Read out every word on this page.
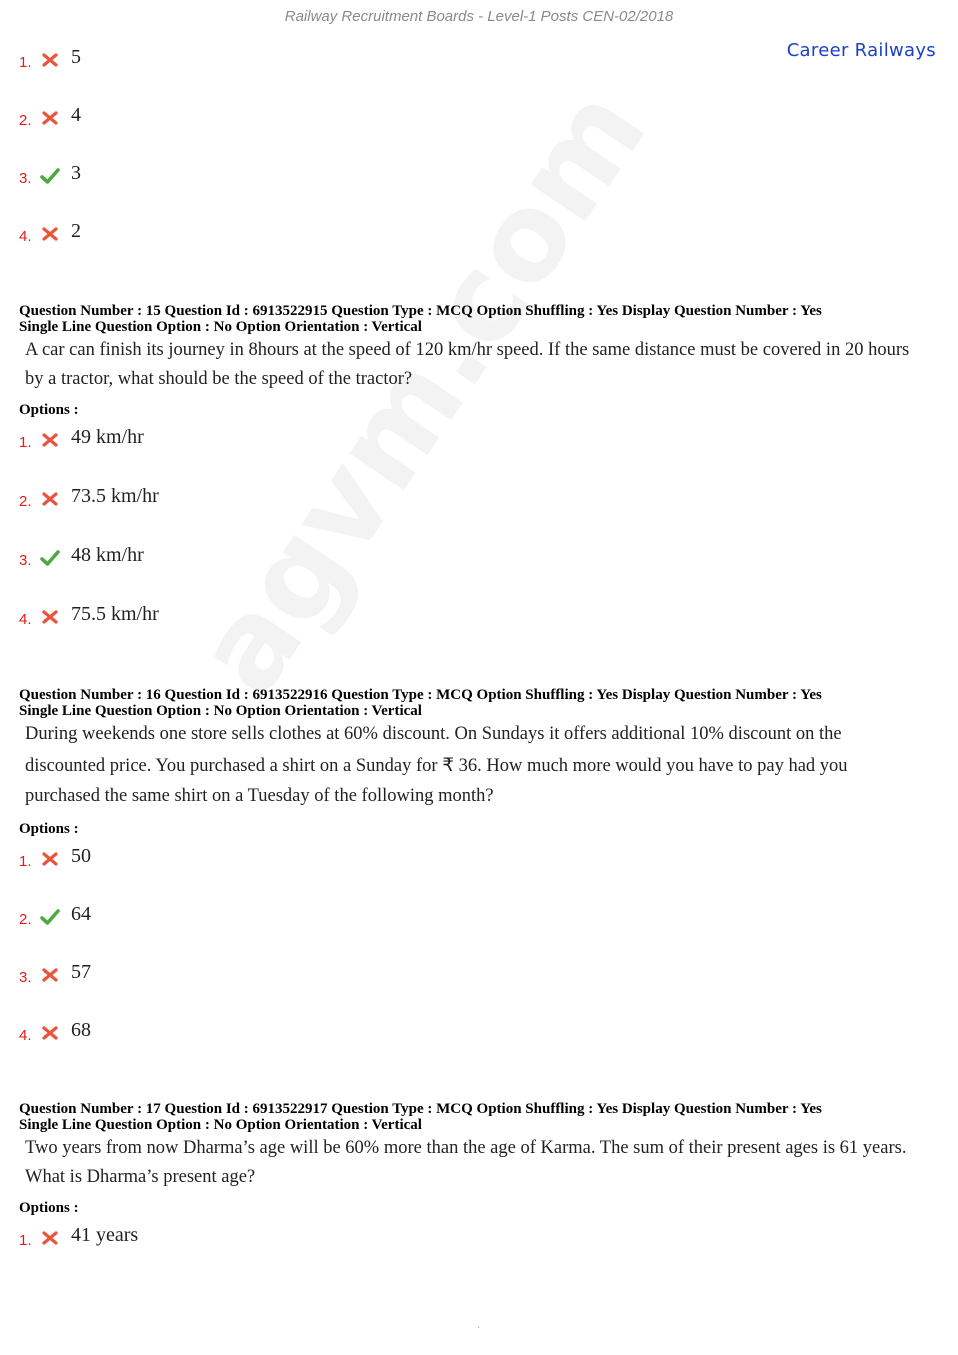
Railway Recruitment Boards - Level-1 Posts CEN-02/2018
Career Railways
1. 5
2. 4
3. 3
4. 2
Question Number : 15 Question Id : 6913522915 Question Type : MCQ Option Shuffling : Yes Display Question Number : Yes
Single Line Question Option : No Option Orientation : Vertical
A car can finish its journey in 8hours at the speed of 120 km/hr speed. If the same distance must be covered in 20 hours
by a tractor, what should be the speed of the tractor?
Options :
1. 49 km/hr
2. 73.5 km/hr
3. 48 km/hr
4. 75.5 km/hr
Question Number : 16 Question Id : 6913522916 Question Type : MCQ Option Shuffling : Yes Display Question Number : Yes
Single Line Question Option : No Option Orientation : Vertical
During weekends one store sells clothes at 60% discount. On Sundays it offers additional 10% discount on the
discounted price. You purchased a shirt on a Sunday for ₹ 36. How much more would you have to pay had you
purchased the same shirt on a Tuesday of the following month?
Options :
1. 50
2. 64
3. 57
4. 68
Question Number : 17 Question Id : 6913522917 Question Type : MCQ Option Shuffling : Yes Display Question Number : Yes
Single Line Question Option : No Option Orientation : Vertical
Two years from now Dharma’s age will be 60% more than the age of Karma. The sum of their present ages is 61 years.
What is Dharma’s present age?
Options :
1. 41 years
.
